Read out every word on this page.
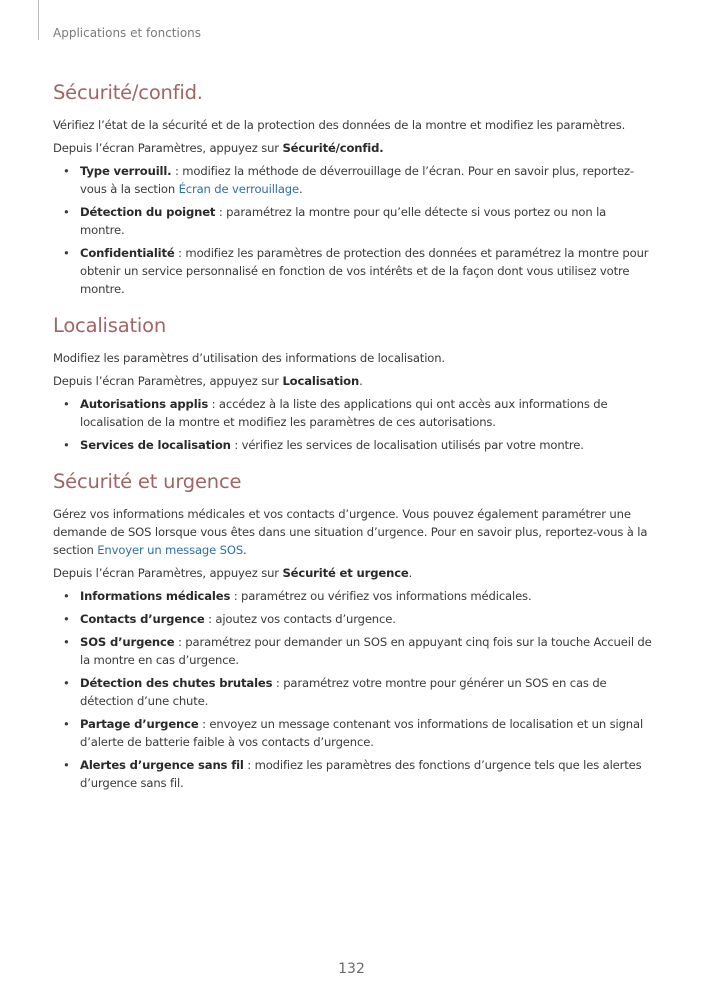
Applications et fonctions
Sécurité/confid.

Vérifiez l’état de la sécurité et de la protection des données de la montre et modifiez les paramètres.

Depuis l’écran Paramètres, appuyez sur Sécurité/confid.

• Type verrouill. : modifiez la méthode de déverrouillage de l’écran. Pour en savoir plus, reportez-vous à la section Écran de verrouillage.
• Détection du poignet : paramétrez la montre pour qu’elle détecte si vous portez ou non la montre.
• Confidentialité : modifiez les paramètres de protection des données et paramétrez la montre pour obtenir un service personnalisé en fonction de vos intérêts et de la façon dont vous utilisez votre montre.
Localisation

Modifiez les paramètres d’utilisation des informations de localisation.

Depuis l’écran Paramètres, appuyez sur Localisation.

• Autorisations applis : accédez à la liste des applications qui ont accès aux informations de localisation de la montre et modifiez les paramètres de ces autorisations.
• Services de localisation : vérifiez les services de localisation utilisés par votre montre.
Sécurité et urgence

Gérez vos informations médicales et vos contacts d’urgence. Vous pouvez également paramétrer une demande de SOS lorsque vous êtes dans une situation d’urgence. Pour en savoir plus, reportez-vous à la section Envoyer un message SOS.

Depuis l’écran Paramètres, appuyez sur Sécurité et urgence.

• Informations médicales : paramétrez ou vérifiez vos informations médicales.
• Contacts d’urgence : ajoutez vos contacts d’urgence.
• SOS d’urgence : paramétrez pour demander un SOS en appuyant cinq fois sur la touche Accueil de la montre en cas d’urgence.
• Détection des chutes brutales : paramétrez votre montre pour générer un SOS en cas de détection d’une chute.
• Partage d’urgence : envoyez un message contenant vos informations de localisation et un signal d’alerte de batterie faible à vos contacts d’urgence.
• Alertes d’urgence sans fil : modifiez les paramètres des fonctions d’urgence tels que les alertes d’urgence sans fil.
132
